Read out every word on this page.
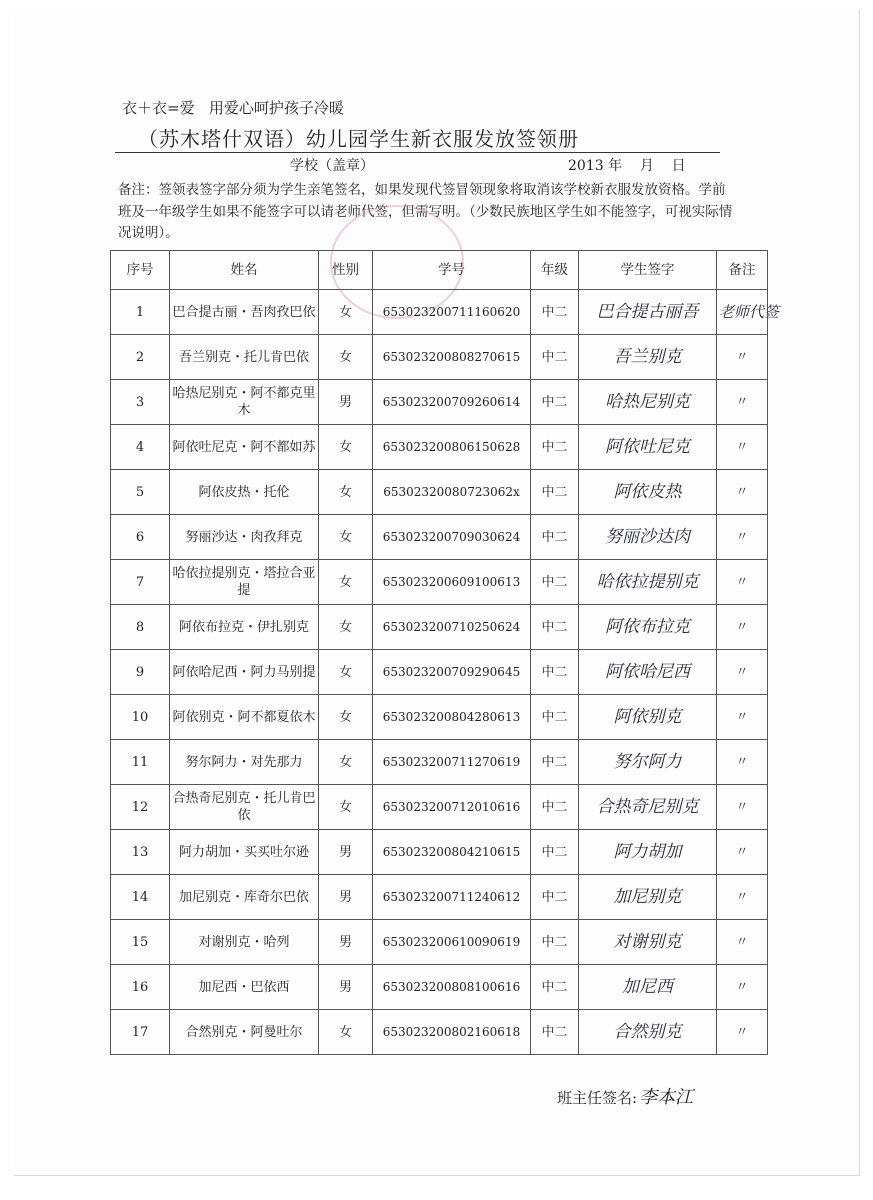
衣＋衣=爱   用爱心呵护孩子冷暖
（苏木塔什双语）幼儿园学生新衣服发放签领册
学校（盖章）	2013 年    月    日
备注：签领表签字部分须为学生亲笔签名，如果发现代签冒领现象将取消该学校新衣服发放资格。学前班及一年级学生如果不能签字可以请老师代签，但需写明。（少数民族地区学生如不能签字，可视实际情况说明）。
序号	姓名	性别	学号	年级	学生签字	备注
1	巴合提古丽・吾肉孜巴依	女	653023200711160620	中二	巴合提古丽吾	老师代签
2	吾兰别克・托儿肯巴依	女	653023200808270615	中二	吾兰别克	〃
3	哈热尼别克・阿不都克里木	男	653023200709260614	中二	哈热尼别克	〃
4	阿依吐尼克・阿不都如苏	女	653023200806150628	中二	阿依吐尼克	〃
5	阿依皮热・托伦	女	65302320080723062x	中二	阿依皮热	〃
6	努丽沙达・肉孜拜克	女	653023200709030624	中二	努丽沙达肉	〃
7	哈依拉提别克・塔拉合亚提	女	653023200609100613	中二	哈依拉提别克	〃
8	阿依布拉克・伊扎别克	女	653023200710250624	中二	阿依布拉克	〃
9	阿依哈尼西・阿力马别提	女	653023200709290645	中二	阿依哈尼西	〃
10	阿依别克・阿不都夏依木	女	653023200804280613	中二	阿依别克	〃
11	努尔阿力・对先那力	女	653023200711270619	中二	努尔阿力	〃
12	合热奇尼别克・托儿肯巴依	女	653023200712010616	中二	合热奇尼别克	〃
13	阿力胡加・买买吐尔逊	男	653023200804210615	中二	阿力胡加	〃
14	加尼别克・库奇尔巴依	男	653023200711240612	中二	加尼别克	〃
15	对谢别克・哈列	男	653023200610090619	中二	对谢别克	〃
16	加尼西・巴依西	男	653023200808100616	中二	加尼西	〃
17	合然别克・阿曼吐尔	女	653023200802160618	中二	合然别克	〃
班主任签名: 李本江
